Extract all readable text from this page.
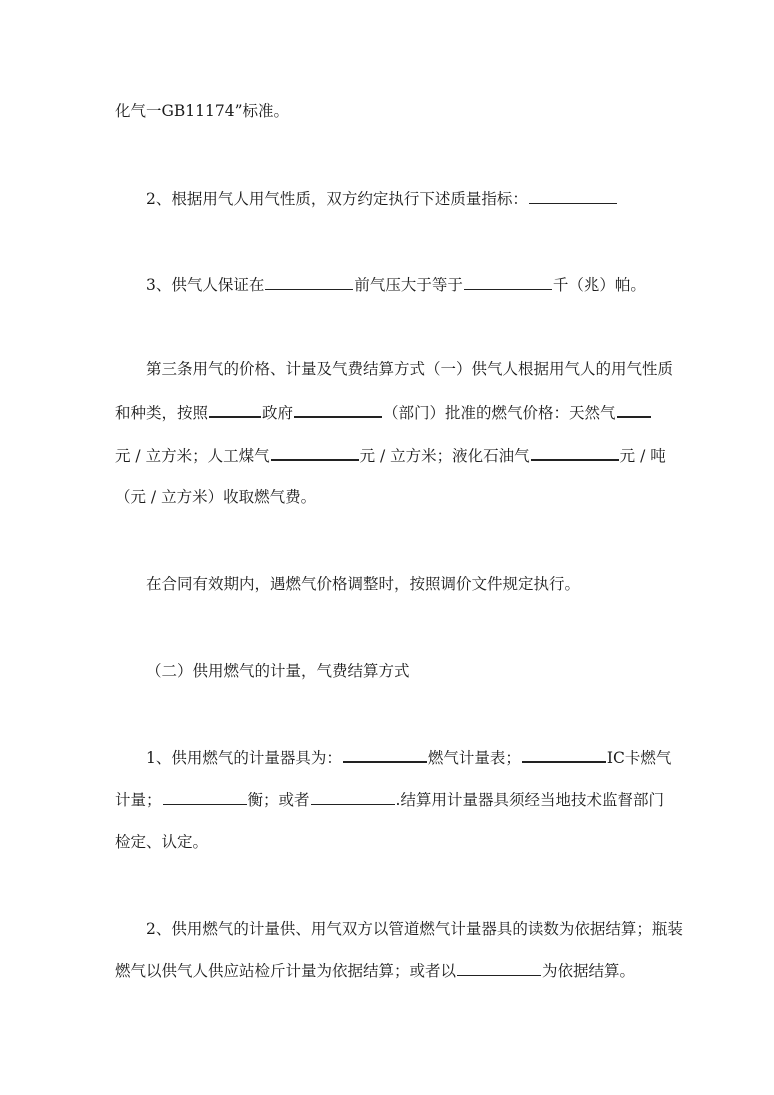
化气一GB11174”标准。
2、根据用气人用气性质，双方约定执行下述质量指标：
3、供气人保证在	前气压大于等于	千（兆）帕。
第三条用气的价格、计量及气费结算方式（一）供气人根据用气人的用气性质
和种类，按照	政府	（部门）批准的燃气价格：天然气
元 / 立方米；人工煤气	元 / 立方米；液化石油气	元 / 吨
（元 / 立方米）收取燃气费。
在合同有效期内，遇燃气价格调整时，按照调价文件规定执行。
（二）供用燃气的计量，气费结算方式
1、供用燃气的计量器具为：	燃气计量表；	IC卡燃气
计量；	衡；或者	.结算用计量器具须经当地技术监督部门
检定、认定。
2、供用燃气的计量供、用气双方以管道燃气计量器具的读数为依据结算；瓶装
燃气以供气人供应站检斤计量为依据结算；或者以	为依据结算。
